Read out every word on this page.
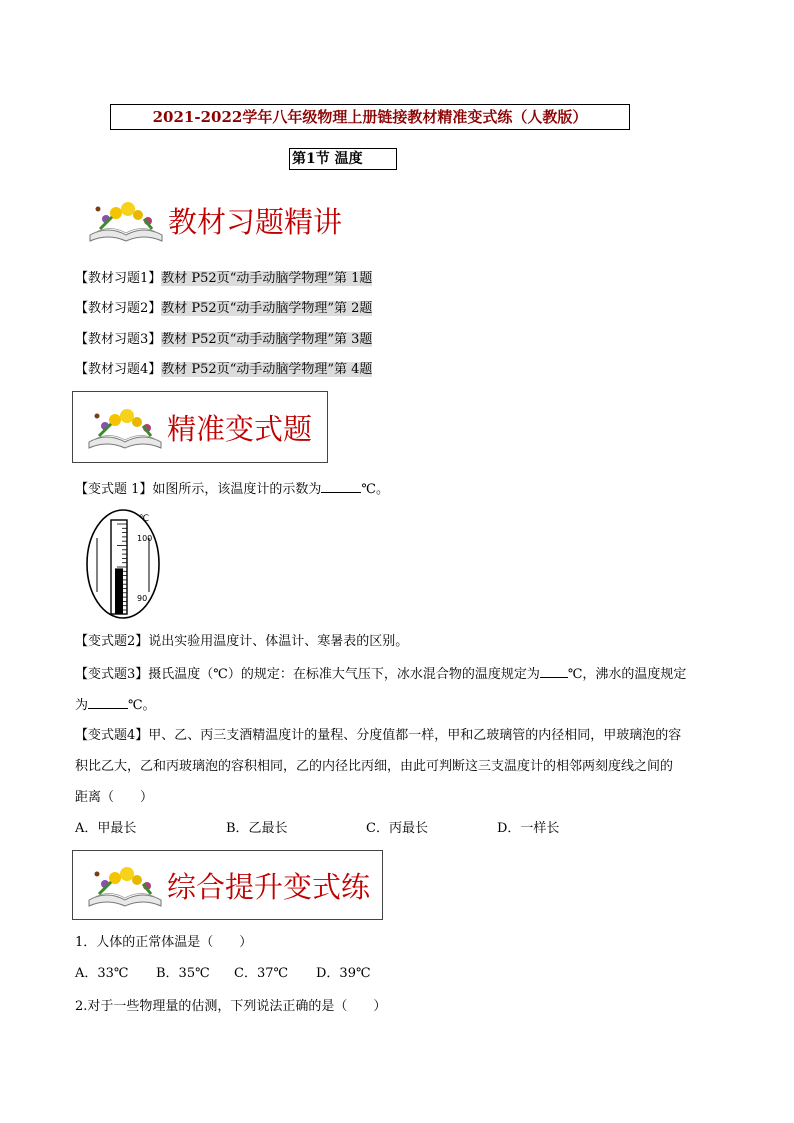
2021-2022学年八年级物理上册链接教材精准变式练（人教版）
第1节 温度
教材习题精讲
【教材习题1】教材 P52页“动手动脑学物理”第 1题
【教材习题2】教材 P52页“动手动脑学物理”第 2题
【教材习题3】教材 P52页“动手动脑学物理”第 3题
【教材习题4】教材 P52页“动手动脑学物理”第 4题
精准变式题
【变式题 1】如图所示，该温度计的示数为	℃。
℃
100
90
【变式题2】说出实验用温度计、体温计、寒暑表的区别。
【变式题3】摄氏温度（℃）的规定：在标准大气压下，冰水混合物的温度规定为 ℃，沸水的温度规定
为	℃。
【变式题4】甲、乙、丙三支酒精温度计的量程、分度值都一样，甲和乙玻璃管的内径相同，甲玻璃泡的容
积比乙大，乙和丙玻璃泡的容积相同，乙的内径比丙细，由此可判断这三支温度计的相邻两刻度线之间的
距离（　　）
A．甲最长	B．乙最长	C．丙最长	D．一样长
综合提升变式练
1．人体的正常体温是（　　）
A．33℃ B．35℃ C．37℃ D．39℃
2.对于一些物理量的估测，下列说法正确的是（　　）
